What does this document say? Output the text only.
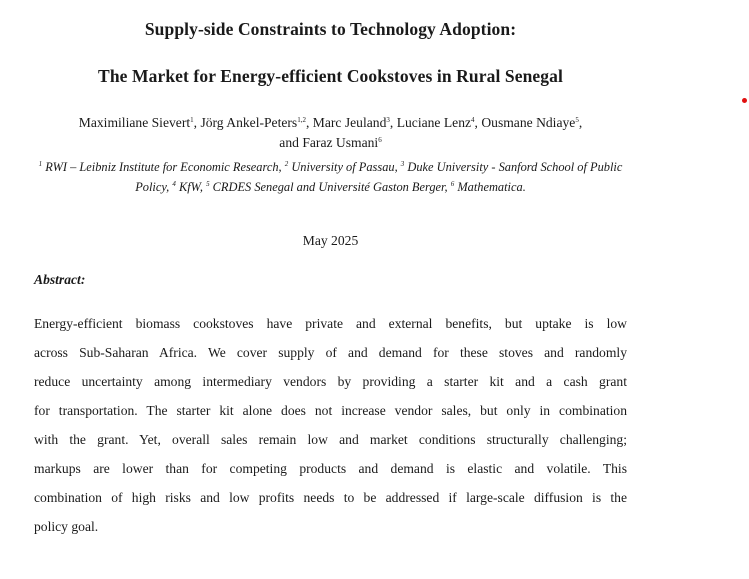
Supply-side Constraints to Technology Adoption:
The Market for Energy-efficient Cookstoves in Rural Senegal
Maximiliane Sievert$^1$, Jörg Ankel-Peters$^{1,2}$, Marc Jeuland$^3$, Luciane Lenz$^4$, Ousmane Ndiaye$^5$,
and Faraz Usmani$^6$
$^1$ RWI – Leibniz Institute for Economic Research, $^2$ University of Passau, $^3$ Duke University - Sanford School of Public Policy, $^4$ KfW, $^5$ CRDES Senegal and Université Gaston Berger, $^6$ Mathematica.
May 2025
Abstract:
Energy-efficient biomass cookstoves have private and external benefits, but uptake is low
across Sub-Saharan Africa. We cover supply of and demand for these stoves and randomly
reduce uncertainty among intermediary vendors by providing a starter kit and a cash grant
for transportation. The starter kit alone does not increase vendor sales, but only in combination
with the grant. Yet, overall sales remain low and market conditions structurally challenging;
markups are lower than for competing products and demand is elastic and volatile. This
combination of high risks and low profits needs to be addressed if large-scale diffusion is the
policy goal.
